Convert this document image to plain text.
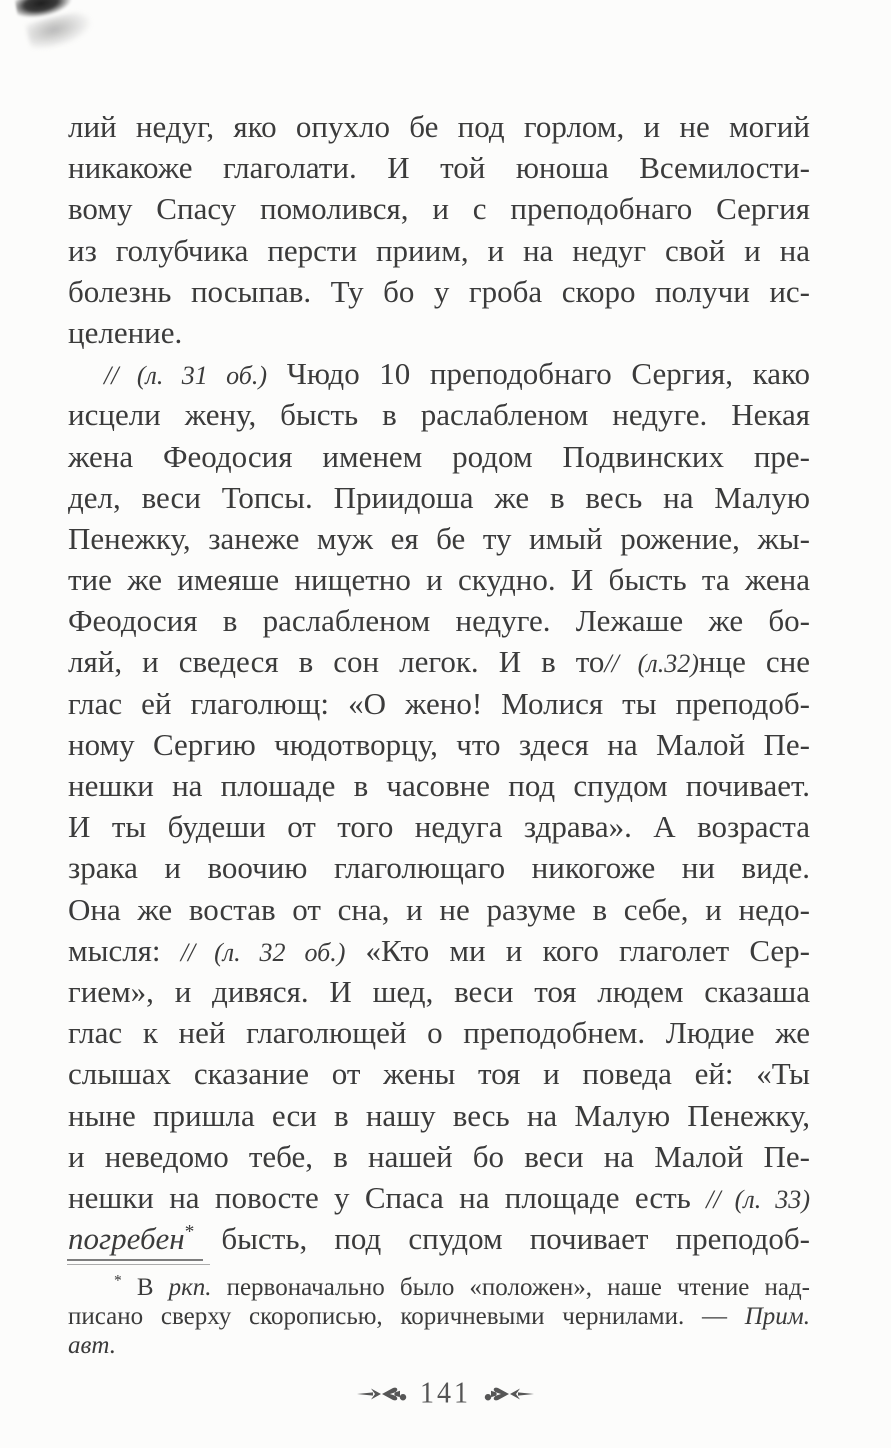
лий недуг, яко опухло бе под горлом, и не могий
никакоже глаголати. И той юноша Всемилости-
вому Спасу помолився, и с преподобнаго Сергия
из голубчика персти приим, и на недуг свой и на
болезнь посыпав. Ту бо у гроба скоро получи ис-
целение.
// (л. 31 об.) Чюдо 10 преподобнаго Сергия, како
исцели жену, бысть в раслабленом недуге. Некая
жена Феодосия именем родом Подвинских пре-
дел, веси Топсы. Приидоша же в весь на Малую
Пенежку, занеже муж ея бе ту имый рожение, жы-
тие же имеяше нищетно и скудно. И бысть та жена
Феодосия в раслабленом недуге. Лежаше же бо-
ляй, и сведеся в сон легок. И в то// (л.32)нце сне
глас ей глаголющ: «О жено! Молися ты преподоб-
ному Сергию чюдотворцу, что здеся на Малой Пе-
нешки на плошаде в часовне под спудом почивает.
И ты будеши от того недуга здрава». А возраста
зрака и воочию глаголющаго никогоже ни виде.
Она же востав от сна, и не разуме в себе, и недо-
мысля: // (л. 32 об.) «Кто ми и кого глаголет Сер-
гием», и дивяся. И шед, веси тоя людем сказаша
глас к ней глаголющей о преподобнем. Людие же
слышах сказание от жены тоя и поведа ей: «Ты
ныне пришла еси в нашу весь на Малую Пенежку,
и неведомо тебе, в нашей бо веси на Малой Пе-
нешки на повосте у Спаса на площаде есть // (л. 33)
погребен* бысть, под спудом почивает преподоб-
* В ркп. первоначально было «положен», наше чтение над-
писано сверху скорописью, коричневыми чернилами. — Прим.
авт.
141
